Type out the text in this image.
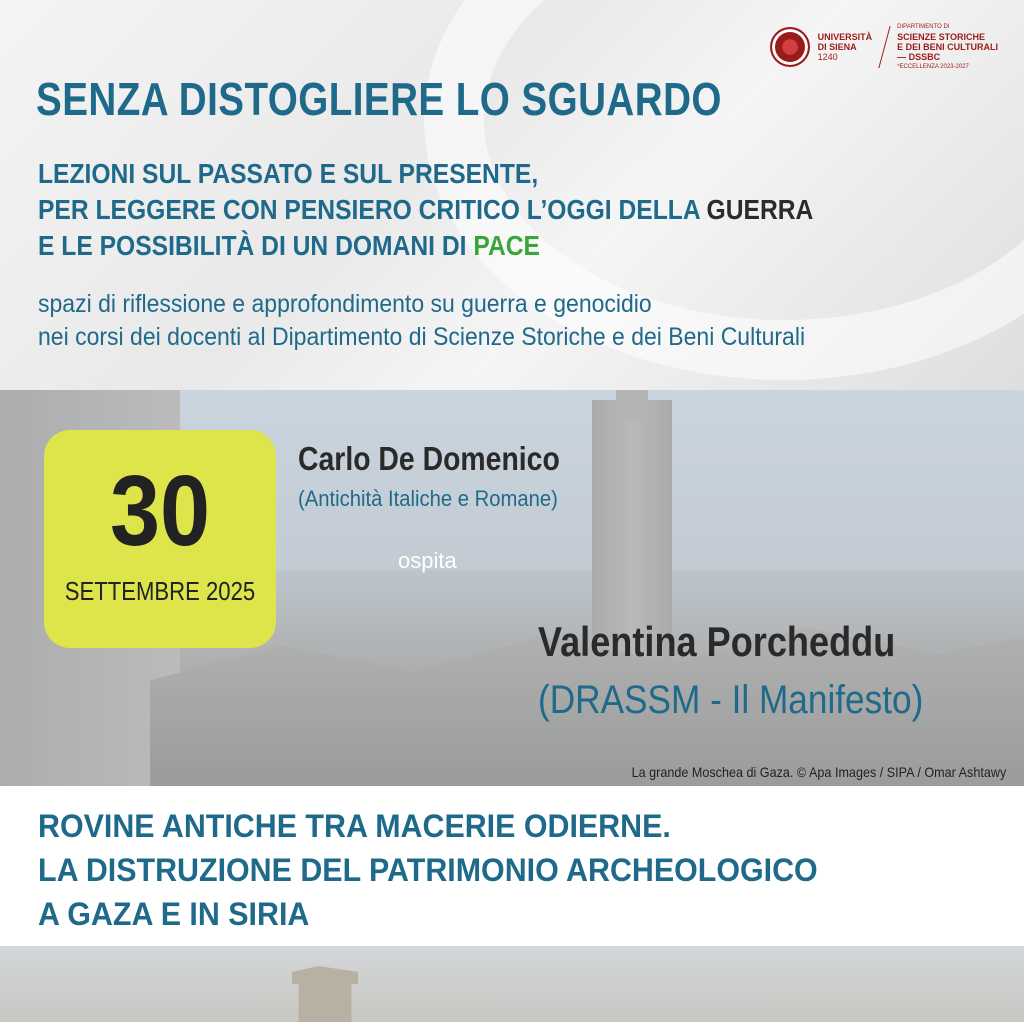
UNIVERSITÀ
DI SIENA
1240
DIPARTIMENTO DI
SCIENZE STORICHE
E DEI BENI CULTURALI
— DSSBC
*ECCELLENZA 2023-2027
SENZA DISTOGLIERE LO SGUARDO
LEZIONI SUL PASSATO E SUL PRESENTE,
PER LEGGERE CON PENSIERO CRITICO L’OGGI DELLA GUERRA
E LE POSSIBILITÀ DI UN DOMANI DI PACE
spazi di riflessione e approfondimento su guerra e genocidio
nei corsi dei docenti al Dipartimento di Scienze Storiche e dei Beni Culturali
30
SETTEMBRE 2025
Carlo De Domenico
(Antichità Italiche e Romane)
ospita
Valentina Porcheddu
(DRASSM - Il Manifesto)
La grande Moschea di Gaza. © Apa Images / SIPA / Omar Ashtawy
ROVINE ANTICHE TRA MACERIE ODIERNE.
LA DISTRUZIONE DEL PATRIMONIO ARCHEOLOGICO
A GAZA E IN SIRIA
